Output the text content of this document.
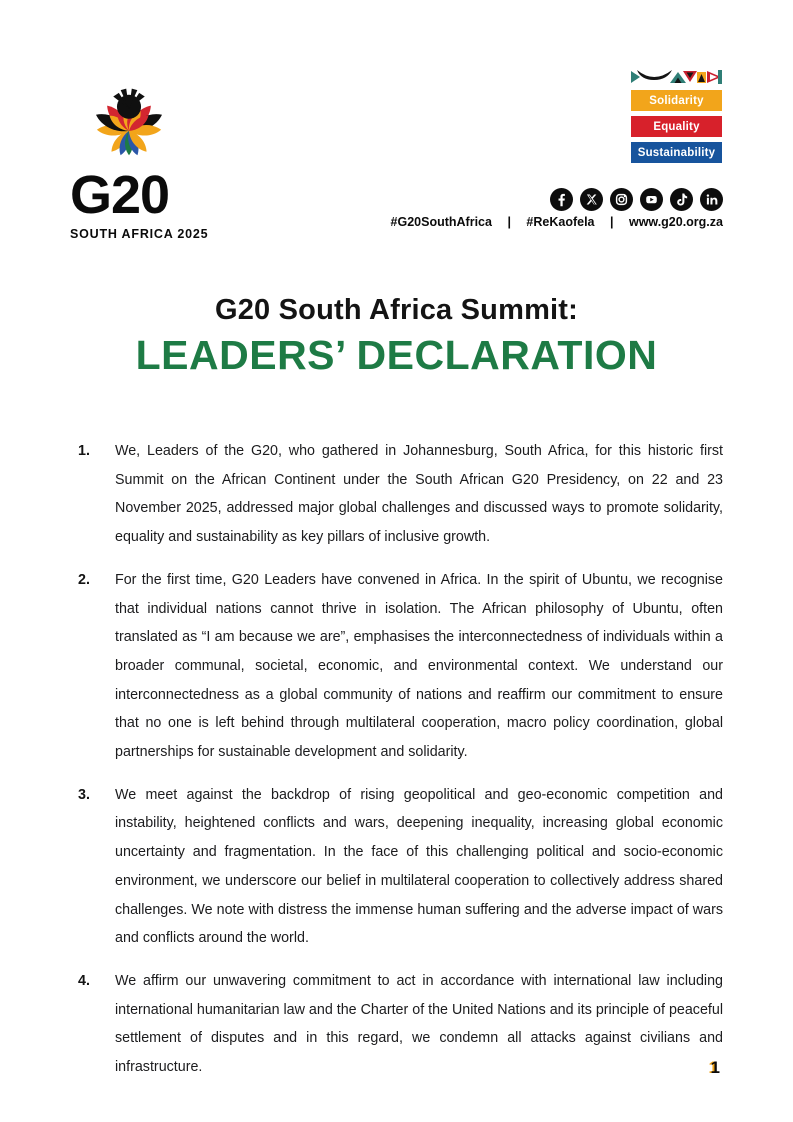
G20
SOUTH AFRICA 2025
Solidarity
Equality
Sustainability
#G20SouthAfrica | #ReKaofela | www.g20.org.za
G20 South Africa Summit:
LEADERS’ DECLARATION
1.	We, Leaders of the G20, who gathered in Johannesburg, South Africa, for this historic first Summit on the African Continent under the South African G20 Presidency, on 22 and 23 November 2025, addressed major global challenges and discussed ways to promote solidarity, equality and sustainability as key pillars of inclusive growth.

2.	For the first time, G20 Leaders have convened in Africa. In the spirit of Ubuntu, we recognise that individual nations cannot thrive in isolation. The African philosophy of Ubuntu, often translated as “I am because we are”, emphasises the interconnectedness of individuals within a broader communal, societal, economic, and environmental context. We understand our interconnectedness as a global community of nations and reaffirm our commitment to ensure that no one is left behind through multilateral cooperation, macro policy coordination, global partnerships for sustainable development and solidarity.

3.	We meet against the backdrop of rising geopolitical and geo-economic competition and instability, heightened conflicts and wars, deepening inequality, increasing global economic uncertainty and fragmentation. In the face of this challenging political and socio-economic environment, we underscore our belief in multilateral cooperation to collectively address shared challenges. We note with distress the immense human suffering and the adverse impact of wars and conflicts around the world.

4.	We affirm our unwavering commitment to act in accordance with international law including international humanitarian law and the Charter of the United Nations and its principle of peaceful settlement of disputes and in this regard, we condemn all attacks against civilians and infrastructure.	1
